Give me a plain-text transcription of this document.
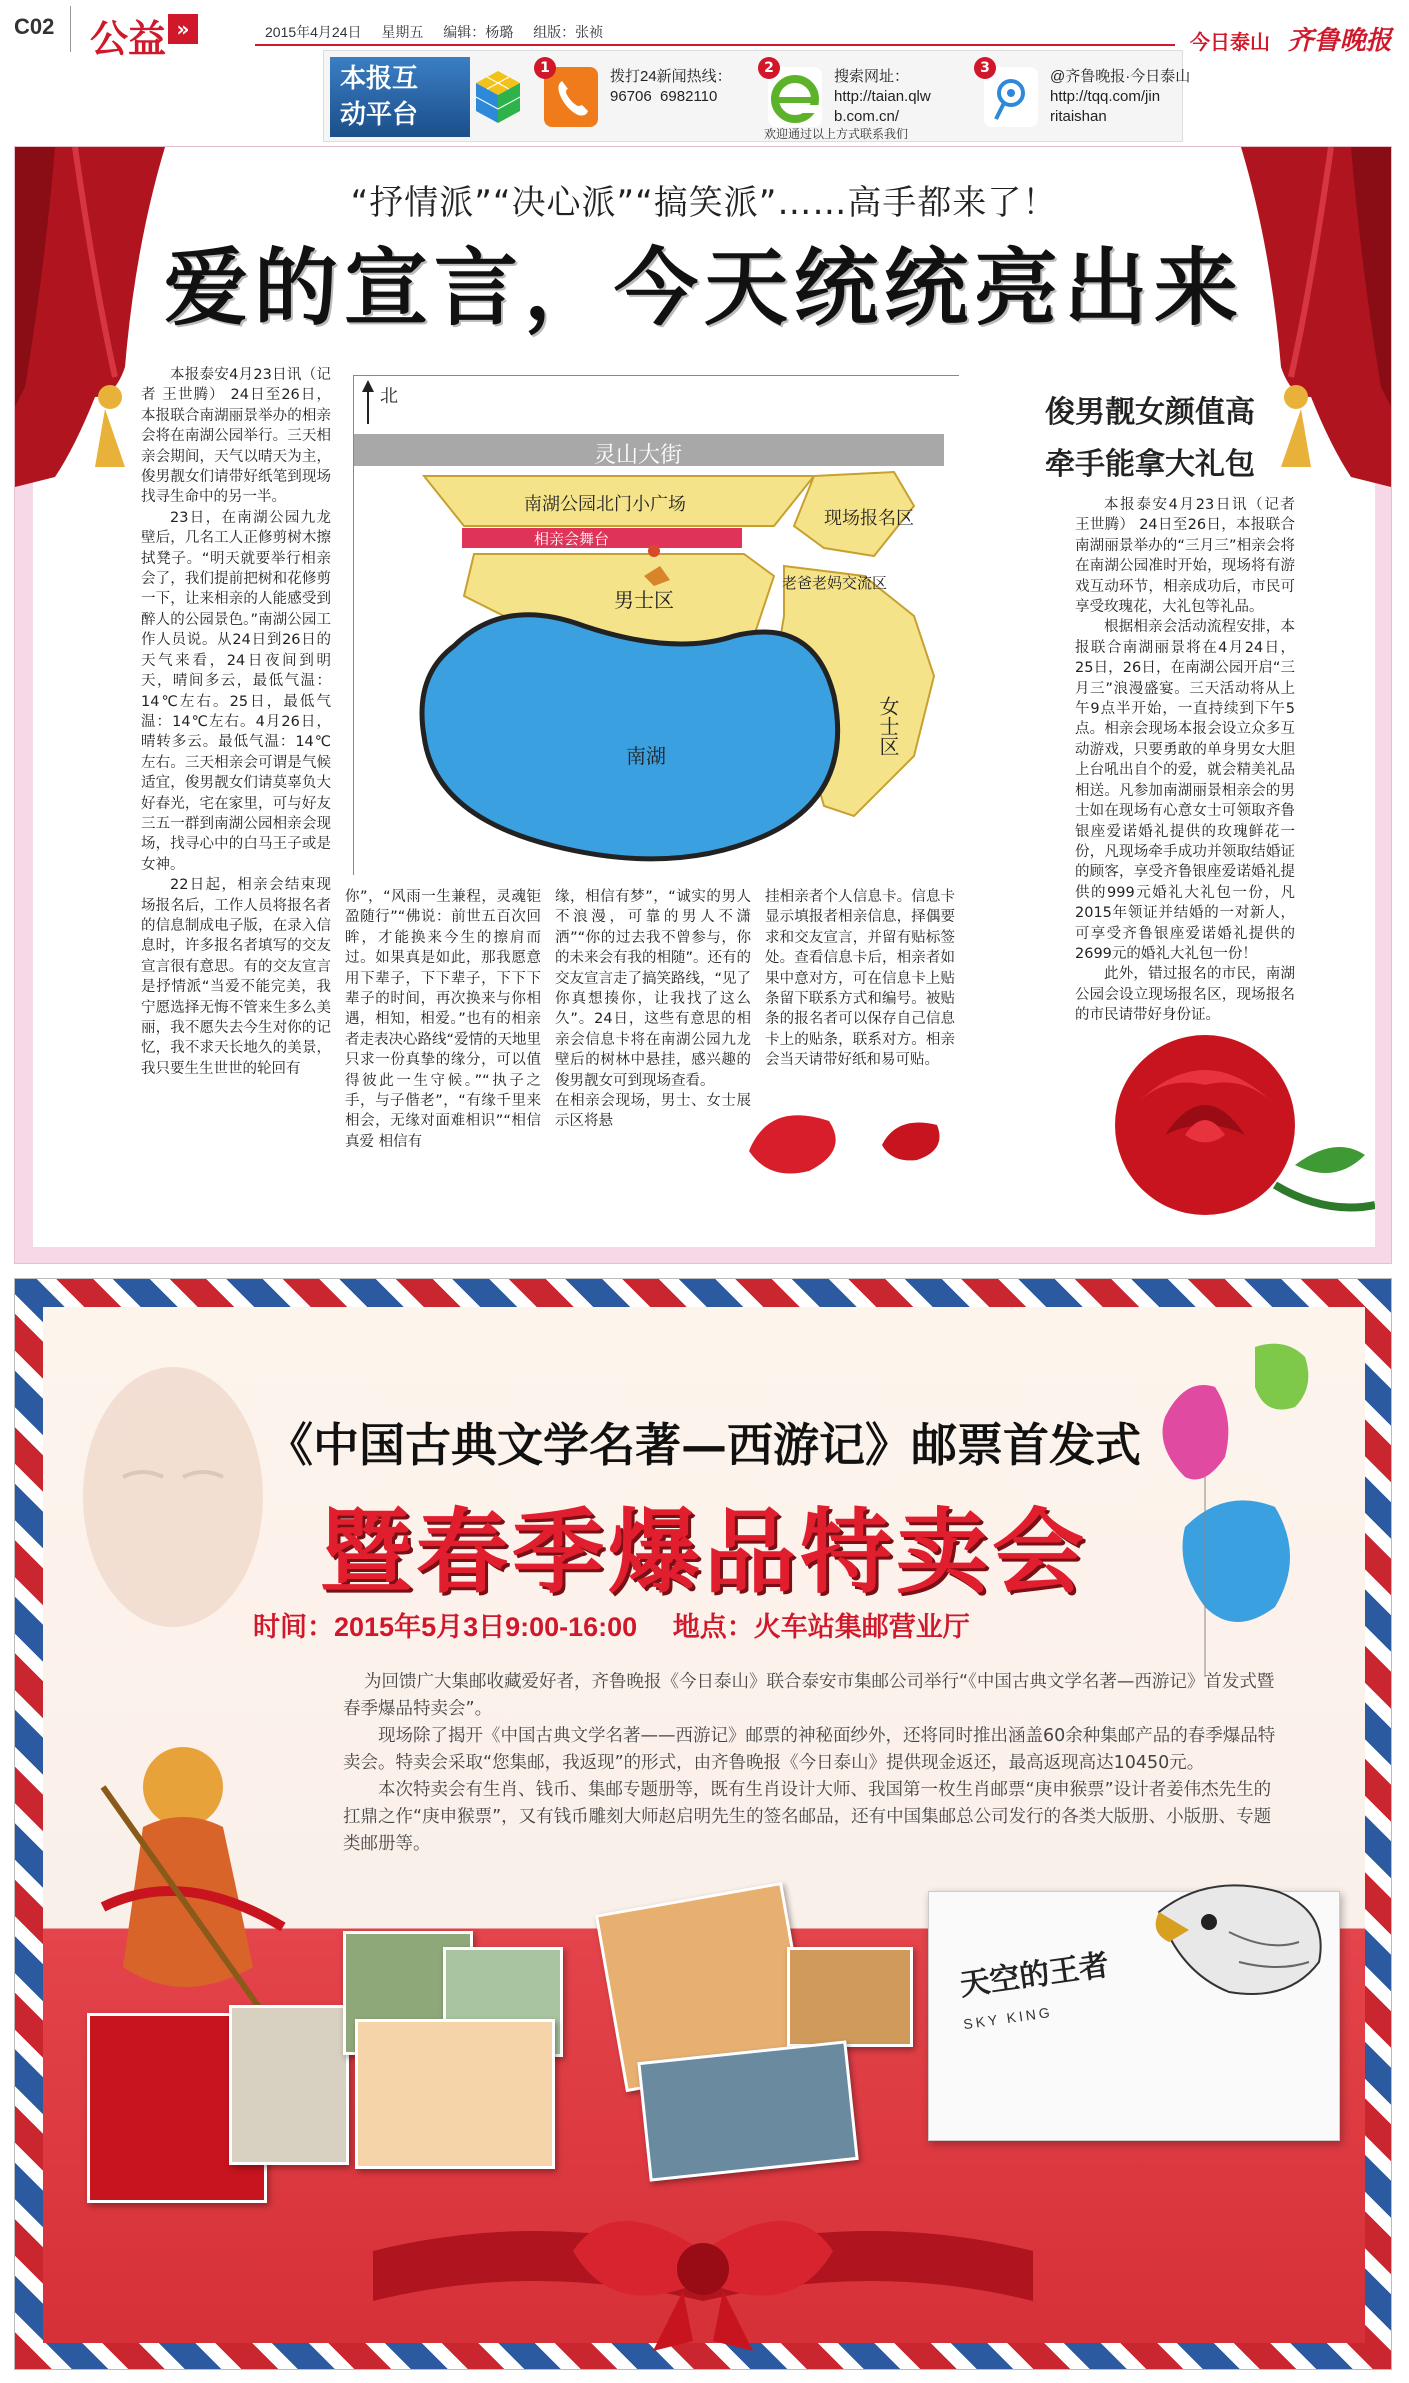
C02 公益 »	2015年4月24日 星期五 编辑：杨璐 组版：张祯	今日泰山 齐鲁晚报
本报互
动平台
1	拨打24新闻热线：
96706  6982110
2	搜索网址：
http://taian.qlw
b.com.cn/
3	@齐鲁晚报·今日泰山
http://tqq.com/jin
ritaishan
欢迎通过以上方式联系我们
“抒情派”“决心派”“搞笑派”……高手都来了！
爱的宣言，今天统统亮出来

本报泰安4月23日讯（记者 王世腾） 24日至26日，本报联合南湖丽景举办的相亲会将在南湖公园举行。三天相亲会期间，天气以晴天为主，俊男靓女们请带好纸笔到现场找寻生命中的另一半。

23日，在南湖公园九龙壁后，几名工人正修剪树木擦拭凳子。“明天就要举行相亲会了，我们提前把树和花修剪一下，让来相亲的人能感受到醉人的公园景色。”南湖公园工作人员说。从24日到26日的天气来看，24日夜间到明天，晴间多云，最低气温：14℃左右。25日，最低气温：14℃左右。4月26日，晴转多云。最低气温：14℃左右。三天相亲会可谓是气候适宜，俊男靓女们请莫辜负大好春光，宅在家里，可与好友三五一群到南湖公园相亲会现场，找寻心中的白马王子或是女神。

22日起，相亲会结束现场报名后，工作人员将报名者的信息制成电子版，在录入信息时，许多报名者填写的交友宣言很有意思。有的交友宣言是抒情派“当爱不能完美，我宁愿选择无悔不管来生多么美丽，我不愿失去今生对你的记忆，我不求天长地久的美景，我只要生生世世的轮回有

北
灵山大街
南湖公园北门小广场
相亲会舞台
现场报名区
老爸老妈交流区
男士区
女士区
南湖
你”，“风雨一生兼程，灵魂钜盈随行”“佛说：前世五百次回眸，才能换来今生的擦肩而过。如果真是如此，那我愿意用下辈子，下下辈子，下下下辈子的时间，再次换来与你相遇，相知，相爱。”也有的相亲者走表决心路线“爱情的天地里只求一份真挚的缘分，可以值得彼此一生守候。”“执子之手，与子偕老”，“有缘千里来相会，无缘对面难相识”“相信真爱 相信有
缘，相信有梦”，“诚实的男人不浪漫，可靠的男人不潇洒”“你的过去我不曾参与，你的未来会有我的相随”。还有的交友宣言走了搞笑路线，“见了你真想揍你，让我找了这么久”。24日，这些有意思的相亲会信息卡将在南湖公园九龙壁后的树林中悬挂，感兴趣的俊男靓女可到现场查看。
在相亲会现场，男士、女士展示区将悬
挂相亲者个人信息卡。信息卡显示填报者相亲信息，择偶要求和交友宣言，并留有贴标签处。查看信息卡后，相亲者如果中意对方，可在信息卡上贴条留下联系方式和编号。被贴条的报名者可以保存自己信息卡上的贴条，联系对方。相亲会当天请带好纸和易可贴。
俊男靓女颜值高
牵手能拿大礼包

本报泰安4月23日讯（记者 王世腾） 24日至26日，本报联合南湖丽景举办的“三月三”相亲会将在南湖公园准时开始，现场将有游戏互动环节，相亲成功后，市民可享受玫瑰花，大礼包等礼品。

根据相亲会活动流程安排，本报联合南湖丽景将在4月24日，25日，26日，在南湖公园开启“三月三”浪漫盛宴。三天活动将从上午9点半开始，一直持续到下午5点。相亲会现场本报会设立众多互动游戏，只要勇敢的单身男女大胆上台吼出自个的爱，就会精美礼品相送。凡参加南湖丽景相亲会的男士如在现场有心意女士可领取齐鲁银座爱诺婚礼提供的玫瑰鲜花一份，凡现场牵手成功并领取结婚证的顾客，享受齐鲁银座爱诺婚礼提供的999元婚礼大礼包一份，凡2015年领证并结婚的一对新人，可享受齐鲁银座爱诺婚礼提供的2699元的婚礼大礼包一份！

此外，错过报名的市民，南湖公园会设立现场报名区，现场报名的市民请带好身份证。

《中国古典文学名著—西游记》邮票首发式
暨春季爆品特卖会
时间：2015年5月3日9:00-16:00 地点：火车站集邮营业厅

为回馈广大集邮收藏爱好者，齐鲁晚报《今日泰山》联合泰安市集邮公司举行“《中国古典文学名著—西游记》首发式暨春季爆品特卖会”。

现场除了揭开《中国古典文学名著——西游记》邮票的神秘面纱外，还将同时推出涵盖60余种集邮产品的春季爆品特卖会。特卖会采取“您集邮，我返现”的形式，由齐鲁晚报《今日泰山》提供现金返还，最高返现高达10450元。

本次特卖会有生肖、钱币、集邮专题册等，既有生肖设计大师、我国第一枚生肖邮票“庚申猴票”设计者姜伟杰先生的扛鼎之作“庚申猴票”，又有钱币雕刻大师赵启明先生的签名邮品，还有中国集邮总公司发行的各类大版册、小版册、专题类邮册等。

天空的王者
SKY KING
